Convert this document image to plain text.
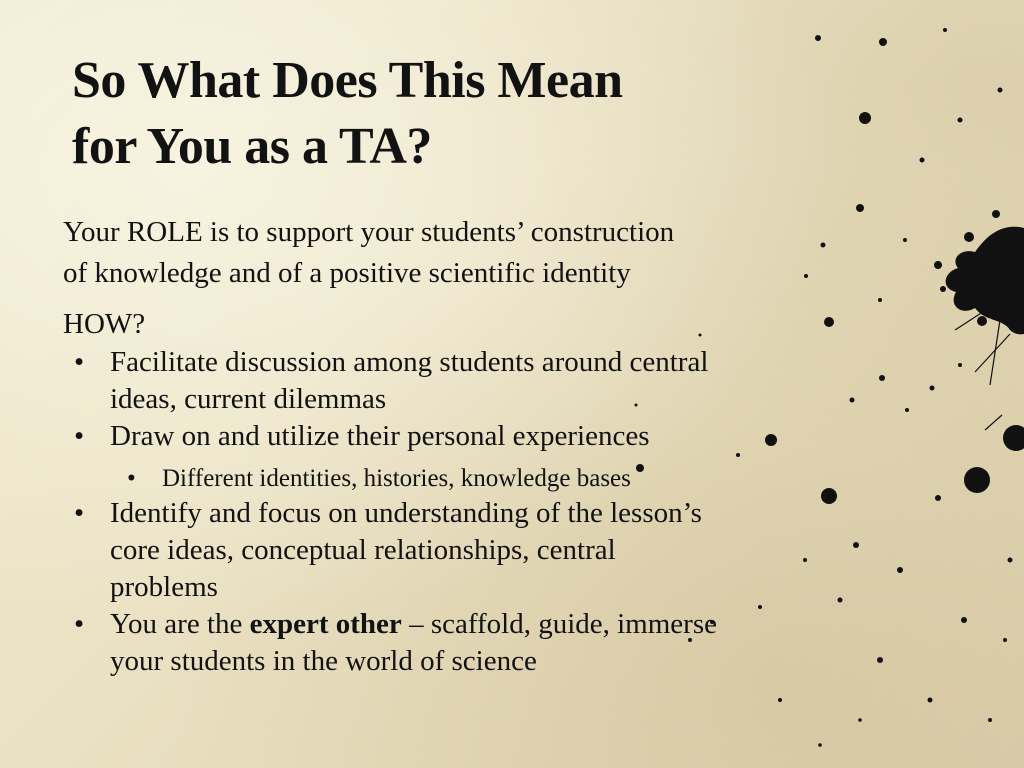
So What Does This Mean
for You as a TA?

Your ROLE is to support your students’ construction
of knowledge and of a positive scientific identity

HOW?

• Facilitate discussion among students around central
ideas, current dilemmas
• Draw on and utilize their personal experiences
• Different identities, histories, knowledge bases
• Identify and focus on understanding of the lesson’s
core ideas, conceptual relationships, central
problems
• You are the expert other – scaffold, guide, immerse
your students in the world of science
